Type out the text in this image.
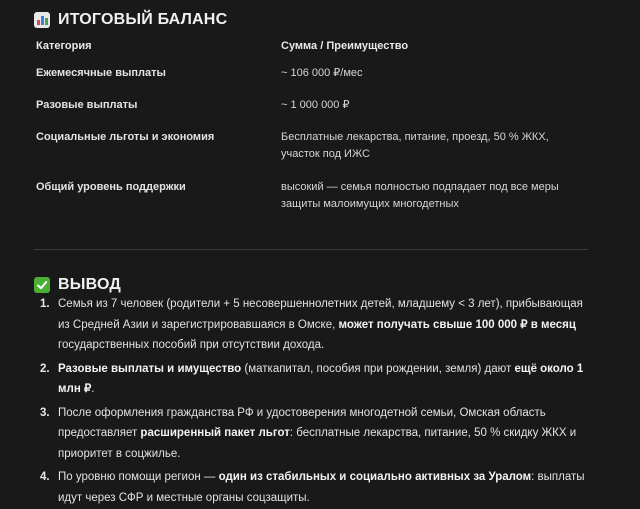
ИТОГОВЫЙ БАЛАНС
Категория	Сумма / Преимущество
Ежемесячные выплаты	~ 106 000 ₽/мес
Разовые выплаты	~ 1 000 000 ₽
Социальные льготы и экономия	Бесплатные лекарства, питание, проезд, 50 % ЖКХ, участок под ИЖС
Общий уровень поддержки	высокий — семья полностью подпадает под все меры защиты малоимущих многодетных
ВЫВОД
1. Семья из 7 человек (родители + 5 несовершеннолетних детей, младшему < 3 лет), прибывающая из Средней Азии и зарегистрировавшаяся в Омске, может получать свыше 100 000 ₽ в месяц государственных пособий при отсутствии дохода.
2. Разовые выплаты и имущество (маткапитал, пособия при рождении, земля) дают ещё около 1 млн ₽.
3. После оформления гражданства РФ и удостоверения многодетной семьи, Омская область предоставляет расширенный пакет льгот: бесплатные лекарства, питание, 50 % скидку ЖКХ и приоритет в соцжилье.
4. По уровню помощи регион — один из стабильных и социально активных за Уралом: выплаты идут через СФР и местные органы соцзащиты.
